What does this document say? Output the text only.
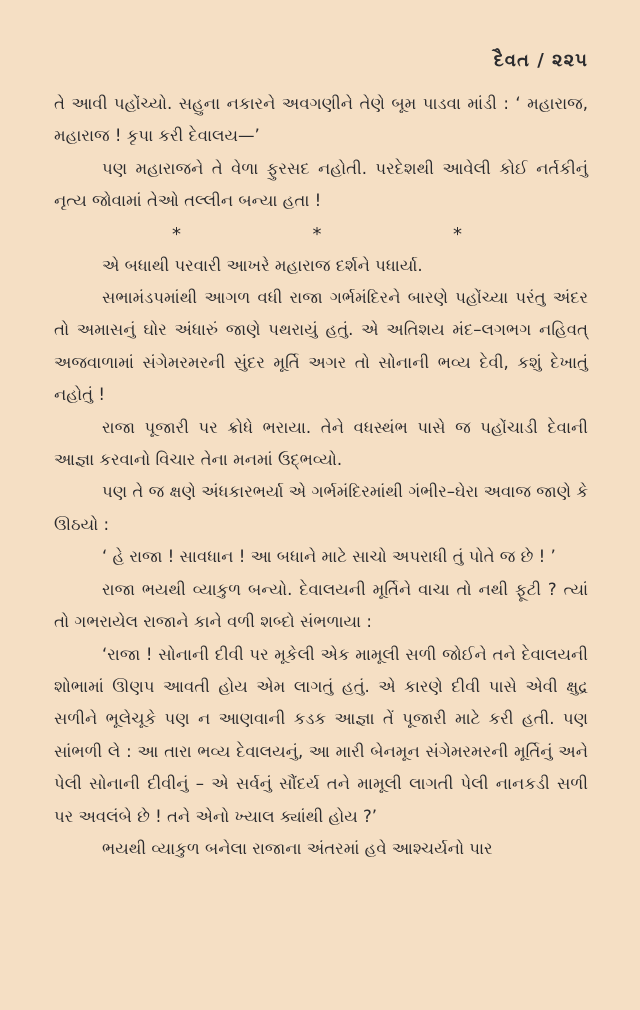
દૈવત / ૨૨૫

તે આવી પહોંચ્યો. સહુના નકારને અવગણીને તેણે બૂમ પાડવા માંડી : ‘ મહારાજ, મહારાજ ! કૃપા કરી દેવાલય—’

પણ મહારાજને તે વેળા ફુરસદ નહોતી. પરદેશથી આવેલી કોઈ નર્તકીનું નૃત્ય જોવામાં તેઓ તલ્લીન બન્યા હતા !

*	*	*

એ બધાથી પરવારી આખરે મહારાજ દર્શને પધાર્યા.

સભામંડપમાંથી આગળ વધી રાજા ગર્ભમંદિરને બારણે પહોંચ્યા પરંતુ અંદર તો અમાસનું ઘોર અંધારું જાણે પથરાયું હતું. એ અતિશય મંદ–લગભગ નહિવત્ અજવાળામાં સંગેમરમરની સુંદર મૂર્તિ અગર તો સોનાની ભવ્ય દેવી, કશું દેખાતું નહોતું !

રાજા પૂજારી પર ક્રોધે ભરાયા. તેને વધસ્થંભ પાસે જ પહોંચાડી દેવાની આજ્ઞા કરવાનો વિચાર તેના મનમાં ઉદ્ભવ્યો.

પણ તે જ ક્ષણે અંધકારભર્યા એ ગર્ભમંદિરમાંથી ગંભીર–ઘેરા અવાજ જાણે કે ઊઠયો :

‘ હે રાજા ! સાવધાન ! આ બધાને માટે સાચો અપરાધી તું પોતે જ છે ! ’

રાજા ભયથી વ્યાકુળ બન્યો. દેવાલયની મૂર્તિને વાચા તો નથી ફૂટી ? ત્યાં તો ગભરાયેલ રાજાને કાને વળી શબ્દો સંભળાયા :

‘રાજા ! સોનાની દીવી પર મૂકેલી એક મામૂલી સળી જોઈને તને દેવાલયની શોભામાં ઊણપ આવતી હોય એમ લાગતું હતું. એ કારણે દીવી પાસે એવી ક્ષુદ્ર સળીને ભૂલેચૂકે પણ ન આણવાની કડક આજ્ઞા તેં પૂજારી માટે કરી હતી. પણ સાંભળી લે : આ તારા ભવ્ય દેવાલયનું, આ મારી બેનમૂન સંગેમરમરની મૂર્તિનું અને પેલી સોનાની દીવીનું – એ સર્વનું સૌંદર્ય તને મામૂલી લાગતી પેલી નાનકડી સળી પર અવલંબે છે ! તને એનો ખ્યાલ ક્યાંથી હોય ?’

ભયથી વ્યાકુળ બનેલા રાજાના અંતરમાં હવે આશ્ચર્યનો પાર
